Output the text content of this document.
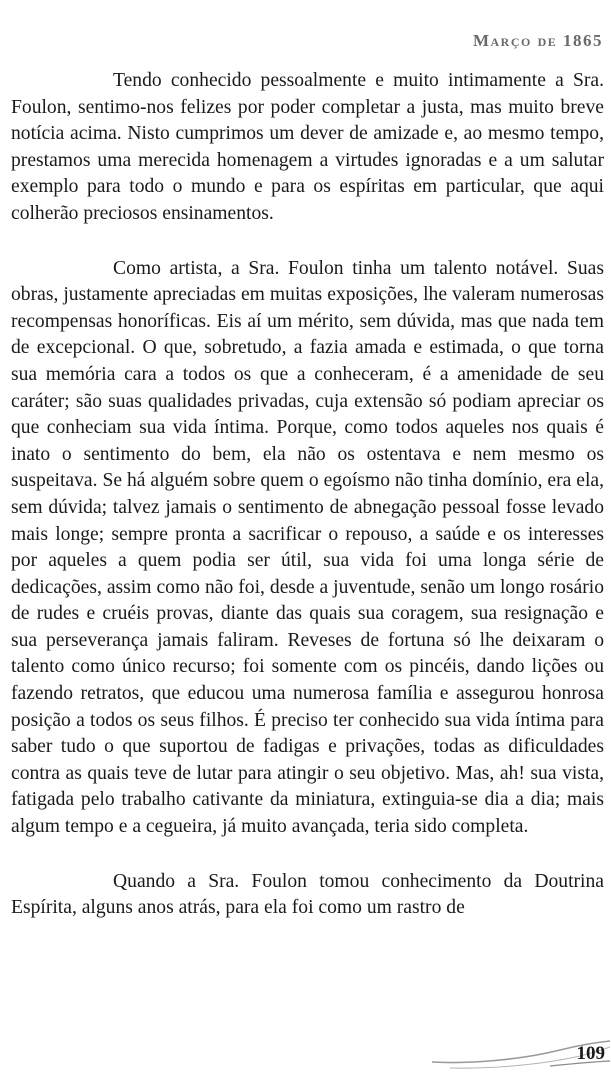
Março de 1865

Tendo conhecido pessoalmente e muito intimamente a Sra. Foulon, sentimo-nos felizes por poder completar a justa, mas muito breve notícia acima. Nisto cumprimos um dever de amizade e, ao mesmo tempo, prestamos uma merecida homenagem a virtudes ignoradas e a um salutar exemplo para todo o mundo e para os espíritas em particular, que aqui colherão preciosos ensinamentos.

Como artista, a Sra. Foulon tinha um talento notável. Suas obras, justamente apreciadas em muitas exposições, lhe valeram numerosas recompensas honoríficas. Eis aí um mérito, sem dúvida, mas que nada tem de excepcional. O que, sobretudo, a fazia amada e estimada, o que torna sua memória cara a todos os que a conheceram, é a amenidade de seu caráter; são suas qualidades privadas, cuja extensão só podiam apreciar os que conheciam sua vida íntima. Porque, como todos aqueles nos quais é inato o sentimento do bem, ela não os ostentava e nem mesmo os suspeitava. Se há alguém sobre quem o egoísmo não tinha domínio, era ela, sem dúvida; talvez jamais o sentimento de abnegação pessoal fosse levado mais longe; sempre pronta a sacrificar o repouso, a saúde e os interesses por aqueles a quem podia ser útil, sua vida foi uma longa série de dedicações, assim como não foi, desde a juventude, senão um longo rosário de rudes e cruéis provas, diante das quais sua coragem, sua resignação e sua perseverança jamais faliram. Reveses de fortuna só lhe deixaram o talento como único recurso; foi somente com os pincéis, dando lições ou fazendo retratos, que educou uma numerosa família e assegurou honrosa posição a todos os seus filhos. É preciso ter conhecido sua vida íntima para saber tudo o que suportou de fadigas e privações, todas as dificuldades contra as quais teve de lutar para atingir o seu objetivo. Mas, ah! sua vista, fatigada pelo trabalho cativante da miniatura, extinguia-se dia a dia; mais algum tempo e a cegueira, já muito avançada, teria sido completa.

Quando a Sra. Foulon tomou conhecimento da Doutrina Espírita, alguns anos atrás, para ela foi como um rastro de

109
